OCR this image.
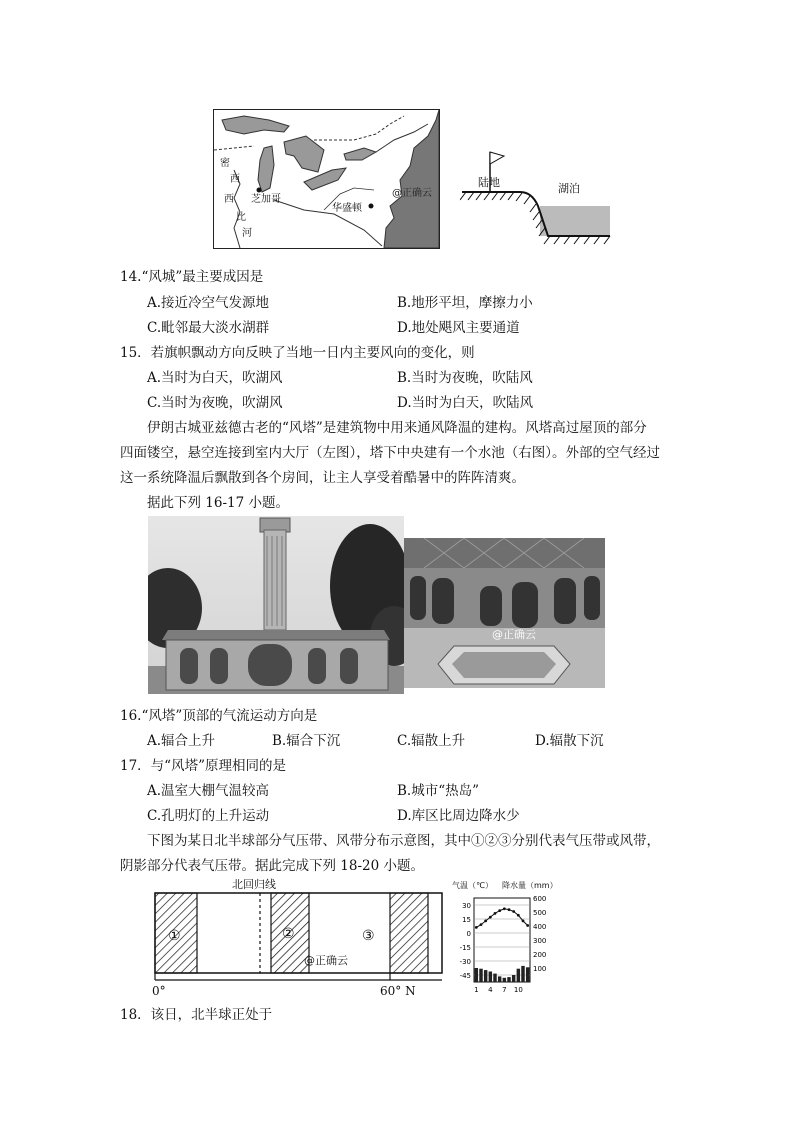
密
西
西
比
河
芝加哥
华盛顿
@正确云
陆地	湖泊
14.“风城”最主要成因是
A.接近冷空气发源地	B.地形平坦，摩擦力小
C.毗邻最大淡水湖群	D.地处飓风主要通道
15．若旗帜飘动方向反映了当地一日内主要风向的变化，则
A.当时为白天，吹湖风	B.当时为夜晚，吹陆风
C.当时为夜晚，吹湖风	D.当时为白天，吹陆风
伊朗古城亚兹德古老的“风塔”是建筑物中用来通风降温的建构。风塔高过屋顶的部分
四面镂空，悬空连接到室内大厅（左图），塔下中央建有一个水池（右图）。外部的空气经过
这一系统降温后飘散到各个房间，让主人享受着酷暑中的阵阵清爽。
据此下列 16-17 小题。
@正确云
16.“风塔”顶部的气流运动方向是
A.辐合上升	B.辐合下沉	C.辐散上升	D.辐散下沉
17．与“风塔”原理相同的是
A.温室大棚气温较高	B.城市“热岛”
C.孔明灯的上升运动	D.库区比周边降水少
下图为某日北半球部分气压带、风带分布示意图，其中①②③分别代表气压带或风带，
阴影部分代表气压带。据此完成下列 18-20 小题。
北回归线
①	②	③
@正确云
0°	60° N
气温（℃） 降水量（mm）
30
15
0
-15
-30
-45
600
500
400
300
200
100
1 4 7 10
18．该日，北半球正处于
